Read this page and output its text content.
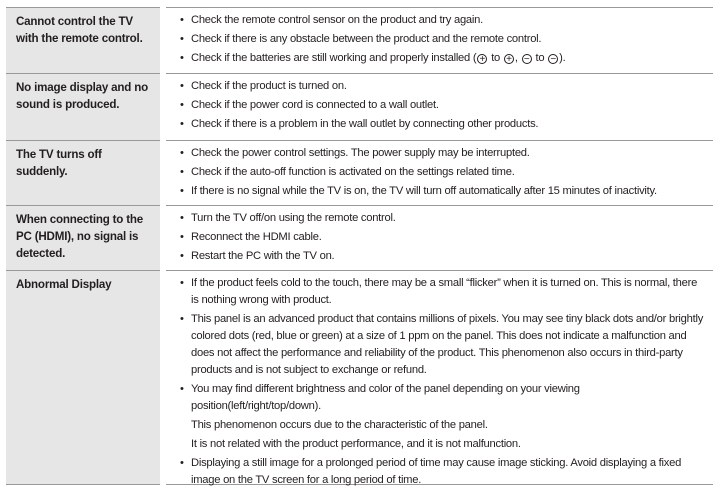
Cannot control the TV with the remote control.
• Check the remote control sensor on the product and try again.
• Check if there is any obstacle between the product and the remote control.
• Check if the batteries are still working and properly installed ( + to + , − to − ).
No image display and no sound is produced.
• Check if the product is turned on.
• Check if the power cord is connected to a wall outlet.
• Check if there is a problem in the wall outlet by connecting other products.
The TV turns off suddenly.
• Check the power control settings. The power supply may be interrupted.
• Check if the auto-off function is activated on the settings related time.
• If there is no signal while the TV is on, the TV will turn off automatically after 15 minutes of inactivity.
When connecting to the PC (HDMI), no signal is detected.
• Turn the TV off/on using the remote control.
• Reconnect the HDMI cable.
• Restart the PC with the TV on.
Abnormal Display	• If the product feels cold to the touch, there may be a small “flicker” when it is turned on. This is normal, there is nothing wrong with product.
• This panel is an advanced product that contains millions of pixels. You may see tiny black dots and/or brightly colored dots (red, blue or green) at a size of 1 ppm on the panel. This does not indicate a malfunction and does not affect the performance and reliability of the product. This phenomenon also occurs in third-party products and is not subject to exchange or refund.
• You may find different brightness and color of the panel depending on your viewing position(left/right/top/down).
This phenomenon occurs due to the characteristic of the panel.
It is not related with the product performance, and it is not malfunction.
• Displaying a still image for a prolonged period of time may cause image sticking. Avoid displaying a fixed image on the TV screen for a long period of time.
